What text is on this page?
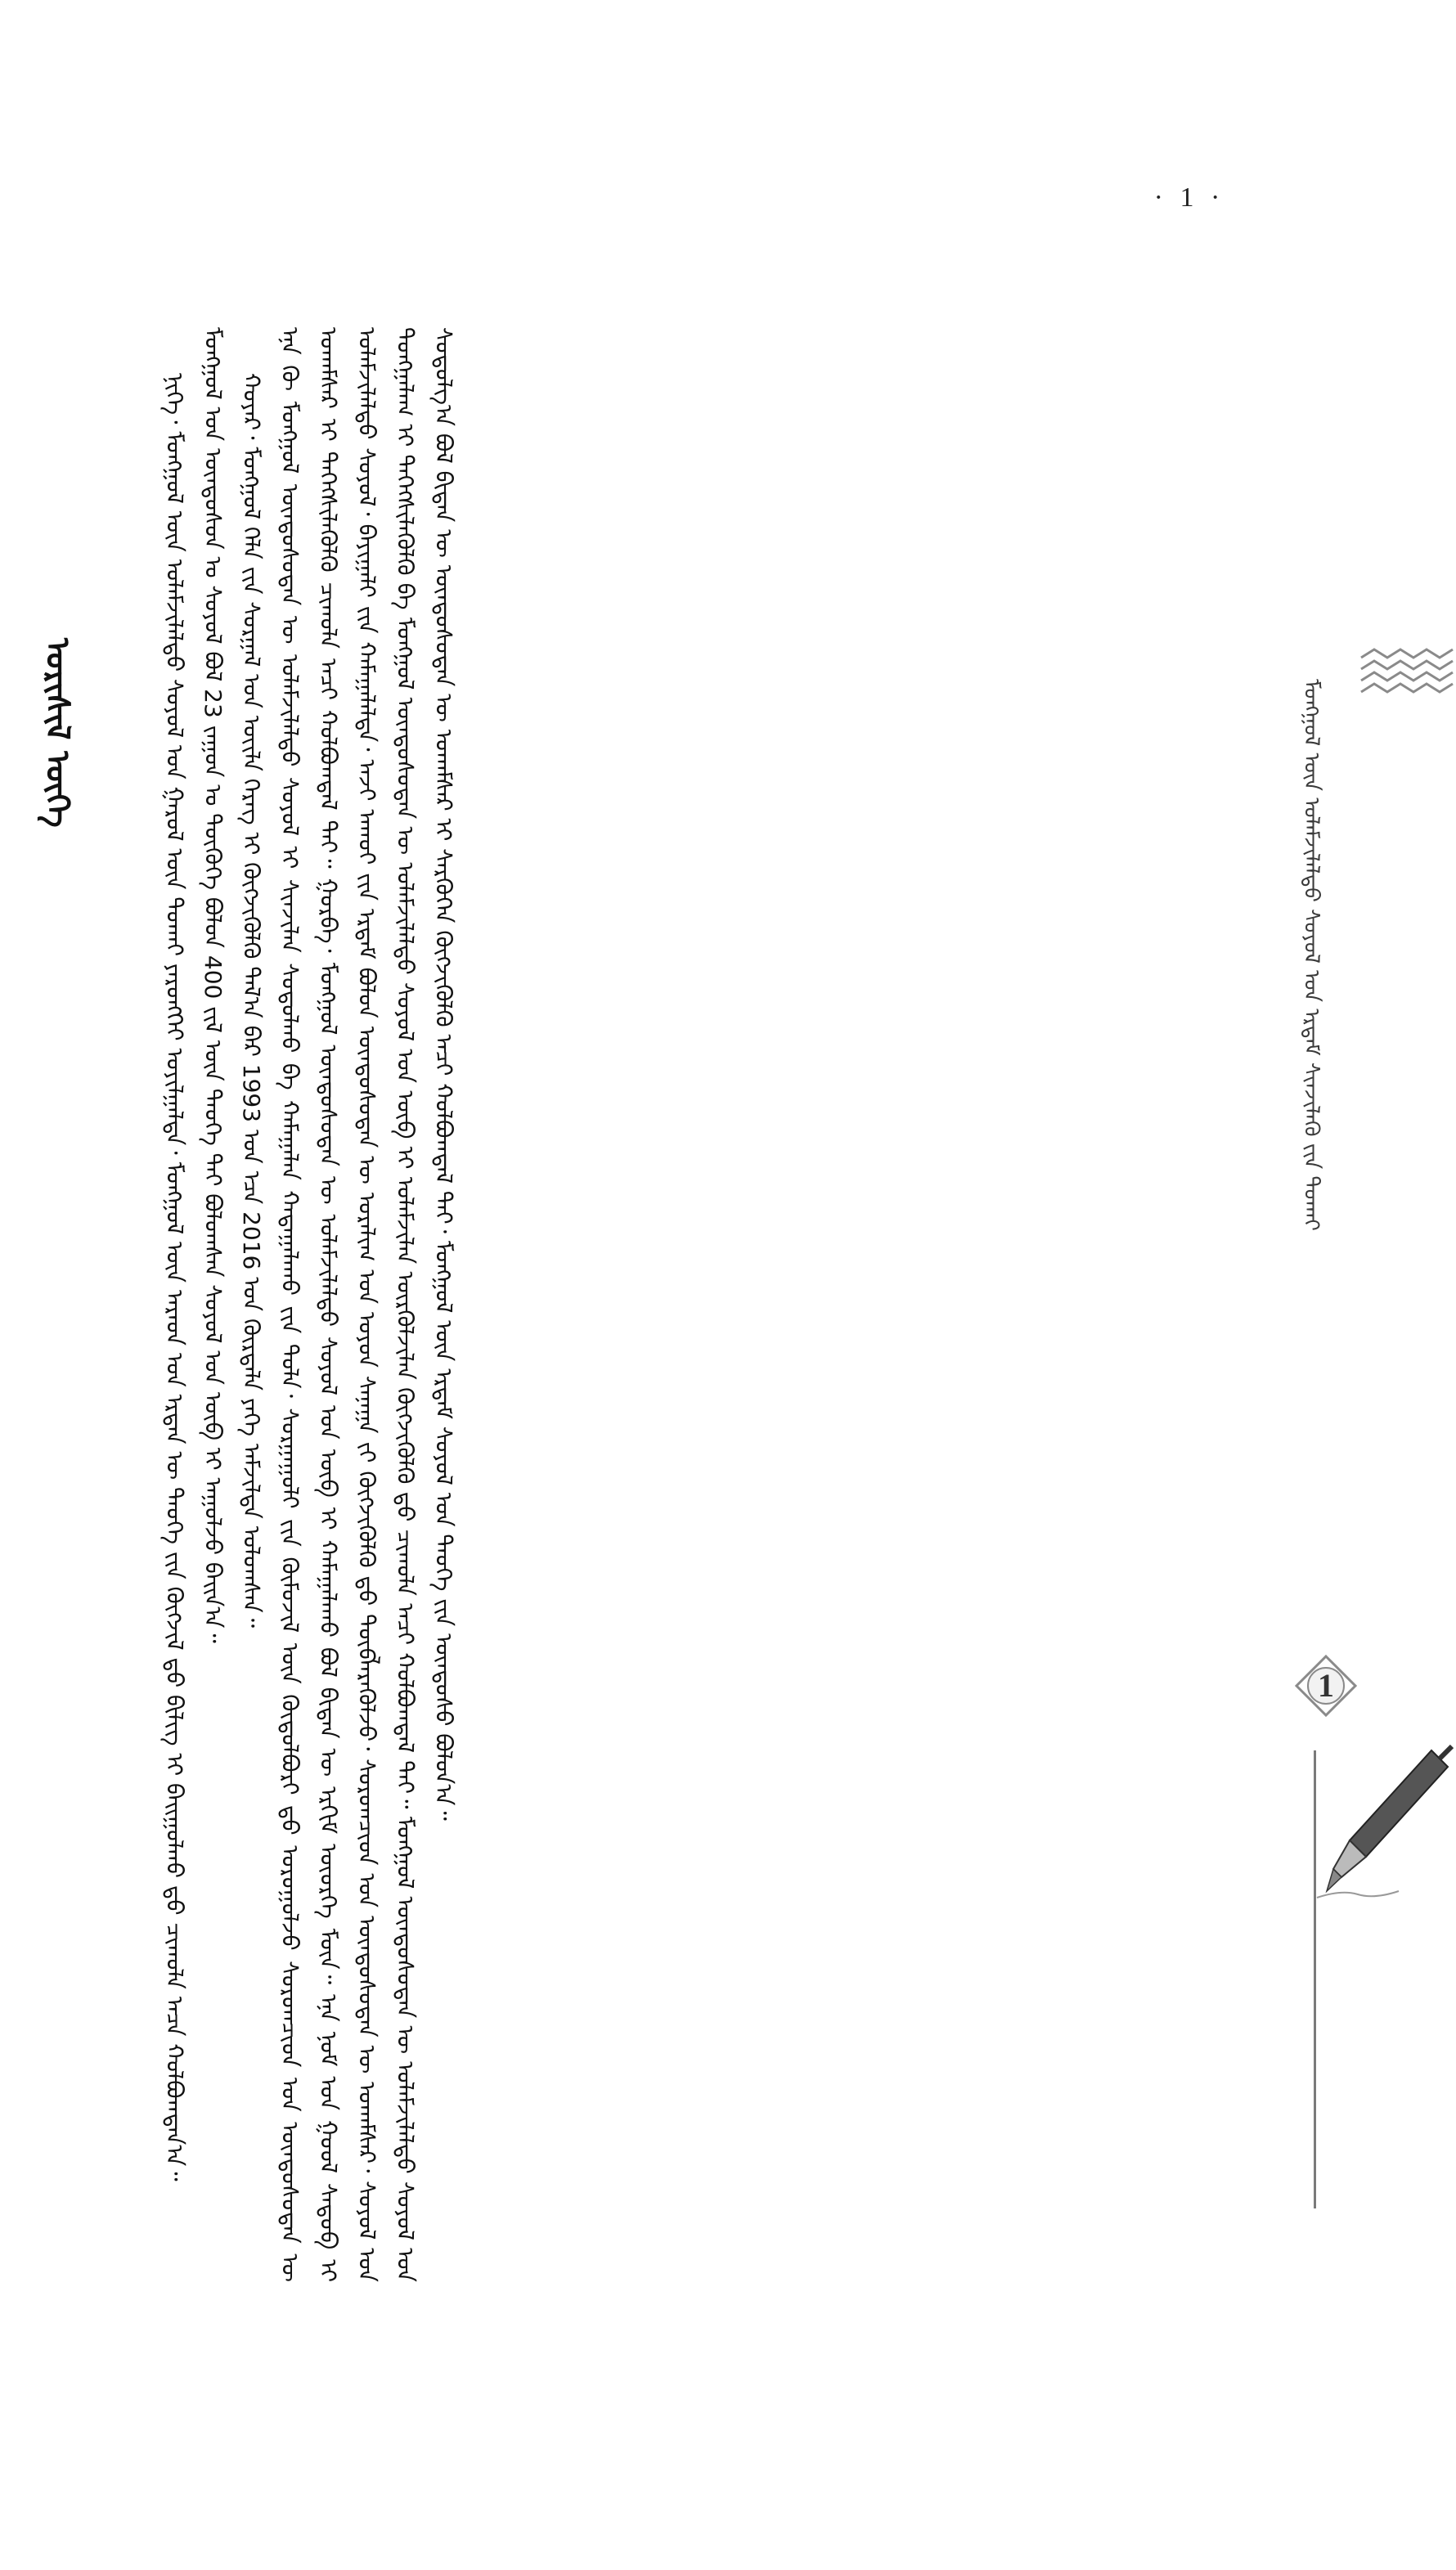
· 1 ·
ᠮᠣᠩᠭᠣᠯ ᠦᠨ ᠤᠯᠠᠮᠵᠢᠯᠠᠯᠲᠤ ᠰᠤᠶᠤᠯ ᠤᠨ ᠡᠷᠳᠡᠮ ᠰᠢᠨᠵᠢᠯᠡᠬᠦ ᠶ᠋ᠢᠨ ᠲᠤᠬᠠᠢ
1

ᠨᠢᠭᠡ᠂ ᠮᠣᠩᠭᠣᠯ ᠦᠨ ᠤᠯᠠᠮᠵᠢᠯᠠᠯᠲᠤ ᠰᠤᠶᠤᠯ ᠤᠨ ᠭᠠᠷᠤᠯ ᠦᠨ ᠲᠤᠬᠠᠢ ᠶᠡᠷᠦᠩᠬᠡᠢ ᠣᠶᠢᠯᠭᠠᠯᠲᠠ᠂ ᠮᠣᠩᠭᠣᠯ ᠦᠨ ᠠᠷᠠᠳ ᠤᠨ ᠡᠷᠲᠡᠨ ᠦ ᠲᠡᠦᠬᠡ ᠶ᠋ᠢᠨ ᠬᠥᠭᠵᠢᠯ ᠳ᠋ᠤ ᠪᠢᠯᠢᠭ᠌ ᠢ ᠪᠠᠢᠭᠤᠯᠬᠤ ᠳ᠋ᠤ ᠴᠢᠬᠤᠯᠠ ᠠᠴᠠ ᠬᠣᠯᠪᠣᠭᠳᠠᠨ᠎ᠠ᠃ ᠮᠣᠩᠭᠣᠯ ᠤᠨ ᠦᠨᠳᠦᠰᠦᠨ ᠤ ᠰᠤᠶᠤᠯ ᠪᠣᠯ 23 ᠵᠠᠭᠤᠨ ᠤ ᠲᠦᠬᠦᠭᠡ ᠪᠣᠯᠤᠨ 400 ᠵᠢᠯ ᠦᠨ ᠲᠡᠦᠬᠡ ᠲᠠᠢ ᠪᠣᠯᠤᠭᠰᠠᠨ ᠰᠤᠶᠤᠯ ᠤᠨ ᠥᠪ ᠢ ᠠᠭᠤᠯᠵᠤ ᠪᠠᠢᠨ᠎ᠠ᠃ ᠬᠣᠶᠠᠷ᠂ ᠮᠣᠩᠭᠣᠯ ᠬᠡᠯᠡ ᠶ᠋ᠢᠨ ᠰᠤᠷᠭᠠᠯ ᠤᠨ ᠦᠢᠯᠡ ᠬᠡᠷᠡᠭ ᠢ ᠬᠥᠭᠵᠢᠭᠦᠯᠬᠦ ᠲᠠᠯ᠎ᠠ ᠪᠠᠷ 1993 ᠣᠨ ᠡᠴᠡ 2016 ᠣᠨ ᠬᠦᠷᠲᠡᠯᠡ ᠶᠡᠬᠡ ᠠᠮᠵᠢᠯᠲᠠ ᠣᠯᠤᠭᠰᠠᠨ᠃ ᠡᠨᠡ ᠬᠦ ᠮᠣᠩᠭᠣᠯ ᠦᠨᠳᠦᠰᠦᠲᠡᠨ ᠦ ᠤᠯᠠᠮᠵᠢᠯᠠᠯᠲᠤ ᠰᠤᠶᠤᠯ ᠢ ᠰᠢᠨᠵᠢᠯᠡᠨ ᠰᠣᠳᠤᠯᠬᠤ ᠪᠠ ᠬᠠᠮᠠᠭᠠᠯᠠᠨ ᠬᠠᠳᠠᠭᠠᠯᠠᠬᠤ ᠶ᠋ᠢᠨ ᠲᠤᠯᠠ᠂ ᠰᠤᠷᠭᠠᠭᠤᠯᠢ ᠶ᠋ᠢᠨ ᠬᠦᠮᠦᠵᠢᠯ ᠦᠨ ᠬᠥᠲᠦᠯᠪᠦᠷᠢ ᠳ᠋ᠤ ᠣᠷᠣᠭᠤᠯᠵᠤ ᠰᠤᠷᠤᠭᠴᠢᠳ ᠤᠨ ᠦᠨᠳᠦᠰᠦᠲᠡᠨ ᠦ ᠤᠬᠠᠮᠰᠠᠷ ᠢ ᠳᠡᠭᠡᠭᠰᠢᠯᠡᠭᠦᠯᠬᠦ ᠴᠢᠬᠤᠯᠠ ᠠᠴᠢ ᠬᠣᠯᠪᠣᠭᠳᠠᠯ ᠲᠠᠢ᠃ ᠭᠤᠷᠪᠠ᠂ ᠮᠣᠩᠭᠣᠯ ᠦᠨᠳᠦᠰᠦᠲᠡᠨ ᠦ ᠤᠯᠠᠮᠵᠢᠯᠠᠯᠲᠤ ᠰᠤᠶᠤᠯ ᠤᠨ ᠥᠪ ᠢ ᠬᠠᠮᠠᠭᠠᠯᠠᠬᠤ ᠪᠣᠯ ᠪᠢᠳᠡᠨ ᠦ ᠡᠷᠬᠢᠮ ᠦᠦᠷᠭᠡ ᠮᠥᠨ᠃ ᠡᠨᠡ ᠨᠣᠮ ᠤᠨ ᠭᠣᠣᠯ ᠰᠡᠳᠦᠪ ᠢ ᠤᠯᠠᠮᠵᠢᠯᠠᠯᠲᠤ ᠰᠤᠶᠤᠯ᠂ ᠪᠠᠶᠢᠭᠠᠯᠢ ᠶ᠋ᠢᠨ ᠬᠠᠮᠠᠭᠠᠯᠠᠯᠲᠠ᠂ ᠠᠵᠢ ᠠᠬᠤᠢ ᠶ᠋ᠢᠨ ᠡᠷᠳᠡᠮ ᠪᠣᠯᠤᠨ ᠦᠨᠳᠦᠰᠦᠲᠡᠨ ᠦ ᠤᠷᠠᠯᠢᠭ ᠤᠨ ᠣᠶᠤᠨ ᠰᠠᠨᠠᠭᠠ ᠶ᠋ᠢ ᠬᠥᠭᠵᠢᠭᠦᠯᠬᠦ ᠳ᠋ᠤ ᠲᠥᠪᠯᠡᠷᠡᠭᠦᠯᠵᠦ᠂ ᠰᠤᠷᠤᠭᠴᠢᠳ ᠤᠨ ᠦᠨᠳᠦᠰᠦᠲᠡᠨ ᠦ ᠤᠬᠠᠮᠰᠠᠷ᠂ ᠰᠣᠶᠤᠯ ᠤᠨ ᠲᠤᠩᠭᠠᠯᠠᠭ ᠢ ᠳᠡᠭᠡᠭᠰᠢᠯᠡᠭᠦᠯᠬᠦ ᠪᠠ ᠮᠣᠩᠭᠣᠯ ᠦᠨᠳᠦᠰᠦᠲᠡᠨ ᠦ ᠤᠯᠠᠮᠵᠢᠯᠠᠯᠲᠤ ᠰᠤᠶᠤᠯ ᠤᠨ ᠥᠪ ᠢ ᠤᠯᠠᠮᠵᠢᠯᠠᠨ ᠦᠷᠭᠦᠯᠵᠢᠯᠡᠨ ᠬᠥᠭᠵᠢᠭᠦᠯᠬᠦ ᠳ᠋ᠤ ᠴᠢᠬᠤᠯᠠ ᠠᠴᠢ ᠬᠣᠯᠪᠣᠭᠳᠠᠯ ᠲᠠᠢ᠃ ᠮᠣᠩᠭᠣᠯ ᠦᠨᠳᠦᠰᠦᠲᠡᠨ ᠦ ᠤᠯᠠᠮᠵᠢᠯᠠᠯᠲᠤ ᠰᠤᠶᠤᠯ ᠤᠨ ᠰᠣᠳᠤᠯᠭ᠎ᠠ ᠪᠣᠯ ᠪᠢᠳᠡᠨ ᠦ ᠦᠨᠳᠦᠰᠦᠲᠡᠨ ᠦ ᠤᠬᠠᠮᠰᠠᠷ ᠢ ᠰᠡᠷᠭᠦᠭᠡᠨ ᠬᠥᠭᠵᠢᠭᠦᠯᠬᠦ ᠠᠴᠢ ᠬᠣᠯᠪᠣᠭᠳᠠᠯ ᠲᠠᠢ᠂ ᠮᠣᠩᠭᠣᠯ ᠦᠨ ᠡᠷᠳᠡᠮ ᠰᠣᠶᠤᠯ ᠤᠨ ᠲᠡᠦᠬᠡ ᠶ᠋ᠢᠨ ᠦᠨᠳᠦᠰᠦ ᠪᠣᠯᠤᠨ᠎ᠠ᠃

ᠣᠷᠢᠰᠢᠯ ᠦᠭᠡ
